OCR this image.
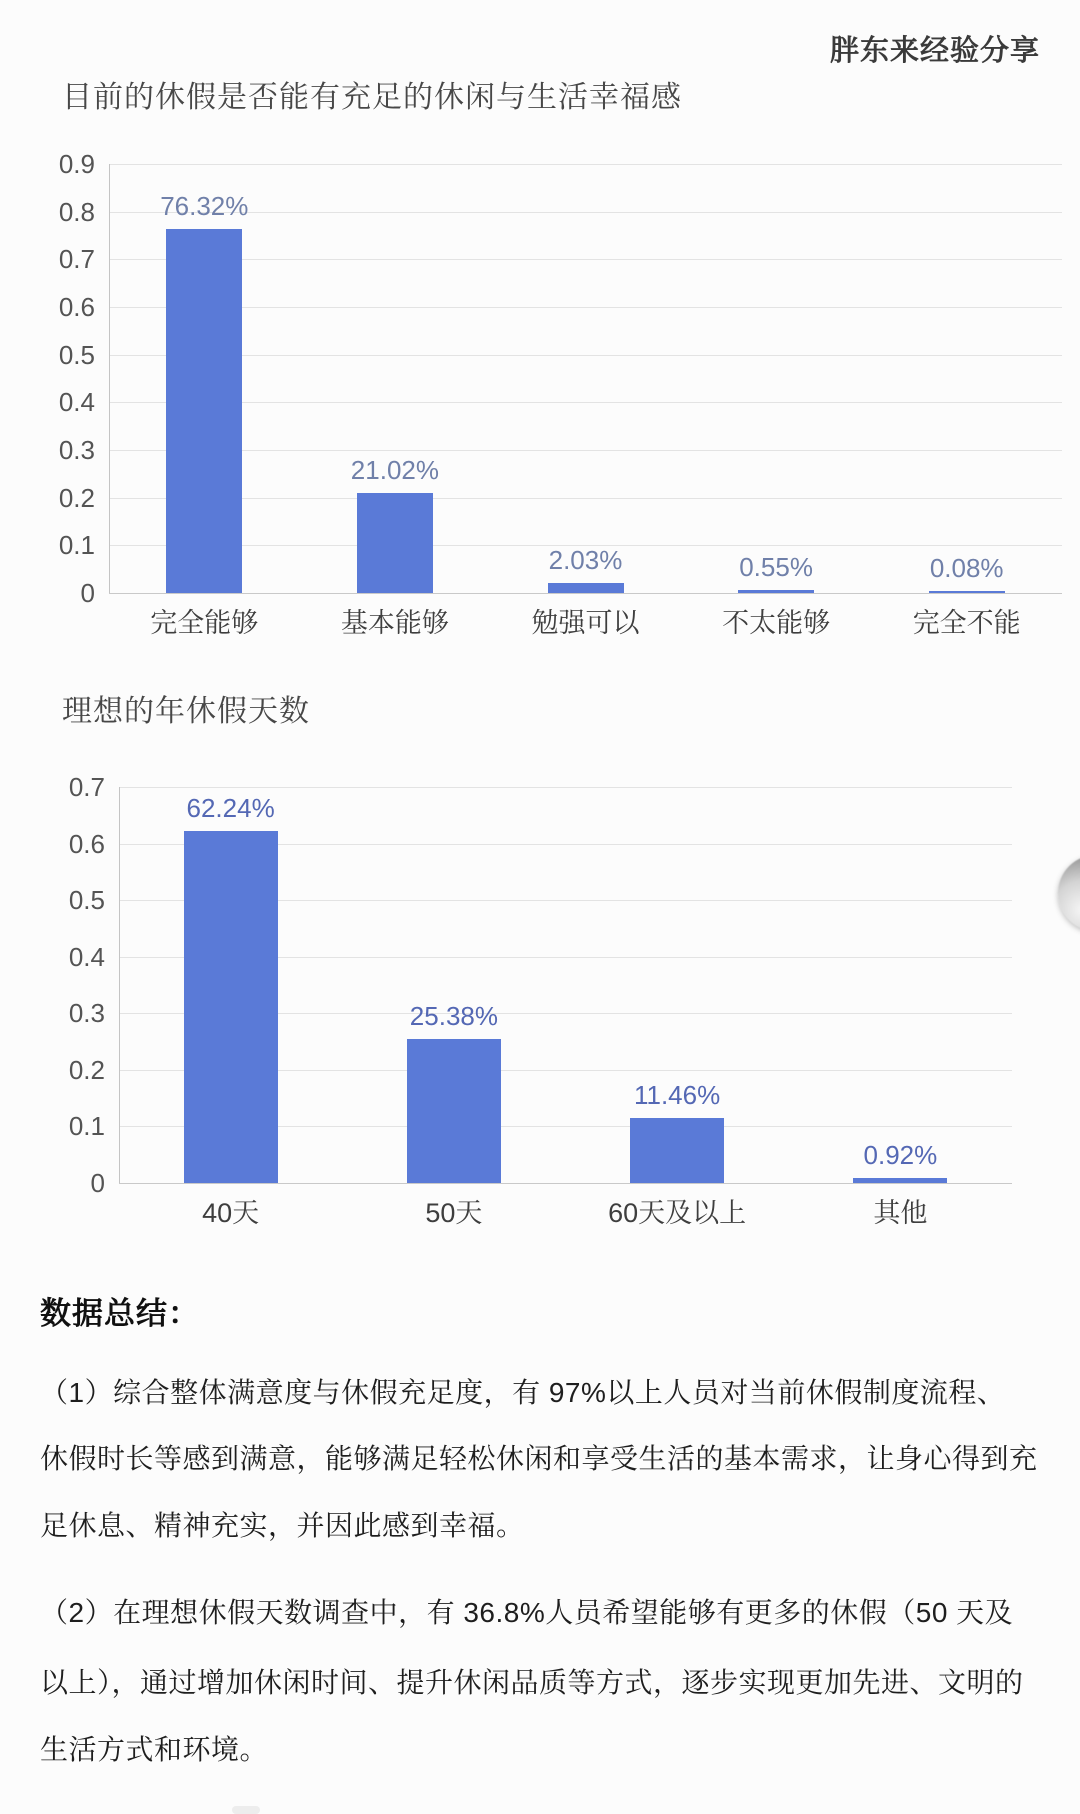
胖东来经验分享
目前的休假是否能有充足的休闲与生活幸福感
0.9
0.8
0.7
0.6
0.5
0.4
0.3
0.2
0.1
0
76.32%
完全能够
21.02%
基本能够
2.03%
勉强可以
0.55%
不太能够
0.08%
完全不能
理想的年休假天数
0.7
0.6
0.5
0.4
0.3
0.2
0.1
0
62.24%
40天
25.38%
50天
11.46%
60天及以上
0.92%
其他
数据总结：
（1）综合整体满意度与休假充足度，有 97%以上人员对当前休假制度流程、
休假时长等感到满意，能够满足轻松休闲和享受生活的基本需求，让身心得到充
足休息、精神充实，并因此感到幸福。
（2）在理想休假天数调查中，有 36.8%人员希望能够有更多的休假（50 天及
以上），通过增加休闲时间、提升休闲品质等方式，逐步实现更加先进、文明的
生活方式和环境。
